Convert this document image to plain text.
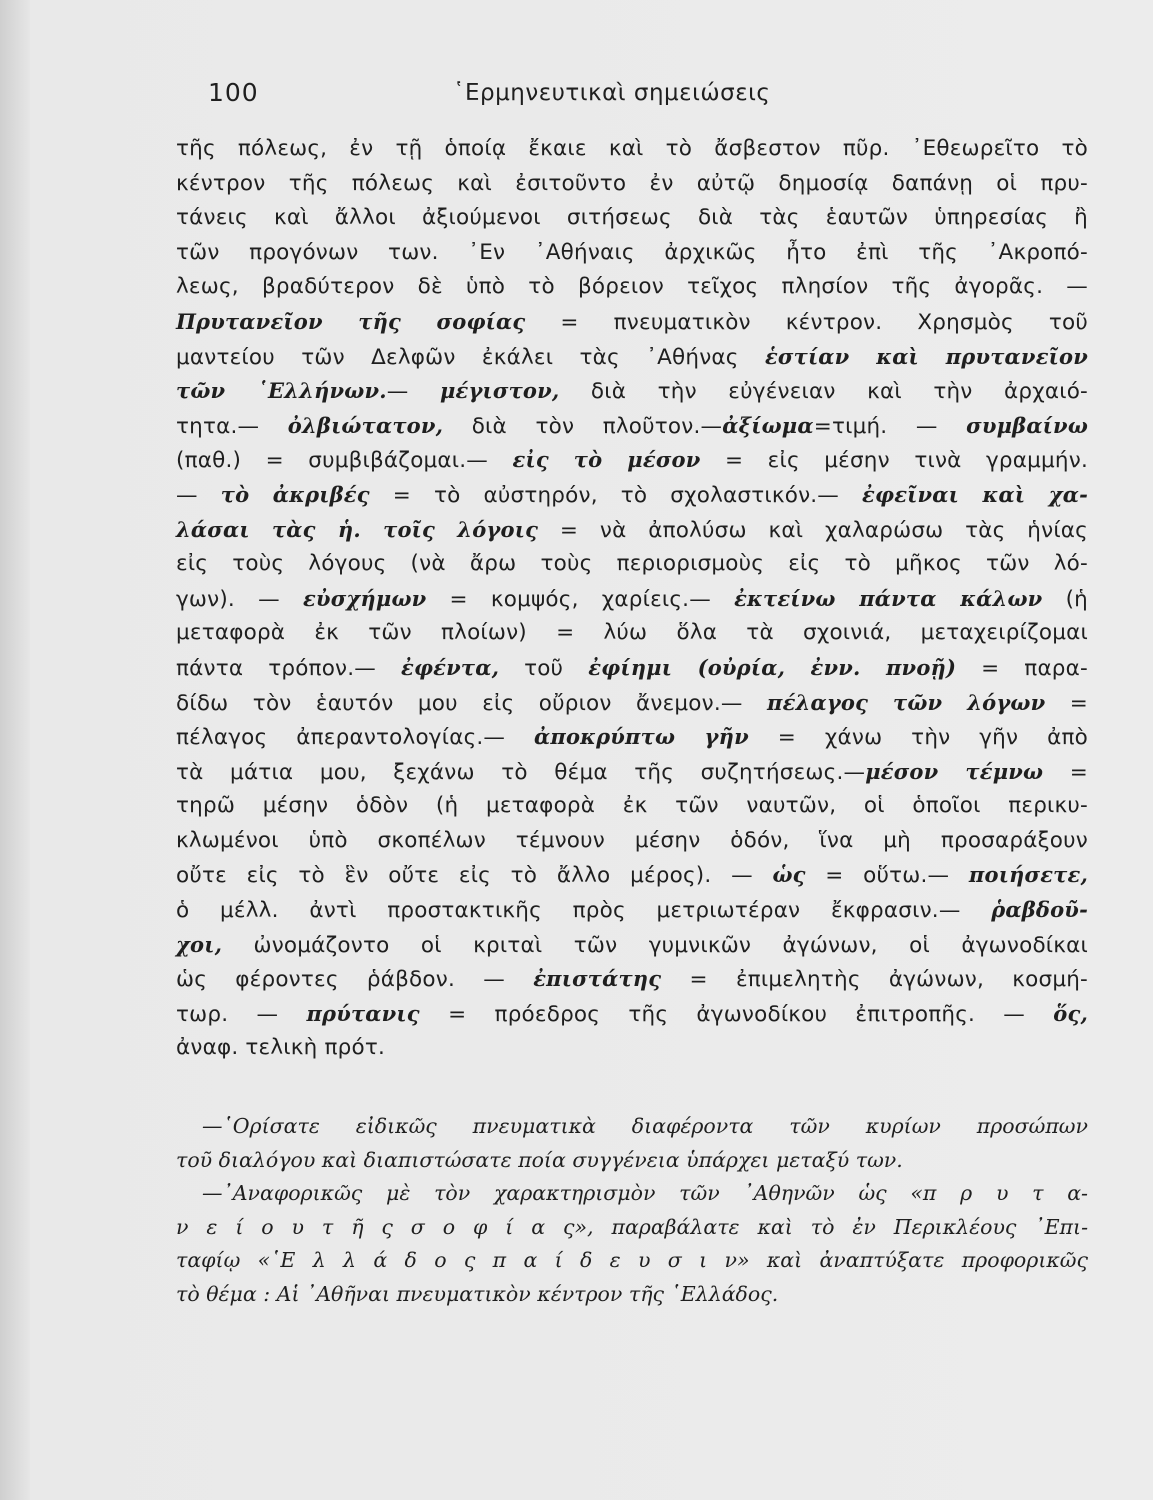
100	῾Ερμηνευτικαὶ σημειώσεις
τῆς πόλεως, ἐν τῇ ὁποίᾳ ἔκαιε καὶ τὸ ἄσβεστον πῦρ. ᾿Εθεωρεῖτο τὸ
κέντρον τῆς πόλεως καὶ ἐσιτοῦντο ἐν αὐτῷ δημοσίᾳ δαπάνῃ οἱ πρυ-
τάνεις καὶ ἄλλοι ἀξιούμενοι σιτήσεως διὰ τὰς ἑαυτῶν ὑπηρεσίας ἢ
τῶν προγόνων των. ᾿Εν ᾿Αθήναις ἀρχικῶς ἦτο ἐπὶ τῆς ᾿Ακροπό-
λεως, βραδύτερον δὲ ὑπὸ τὸ βόρειον τεῖχος πλησίον τῆς ἀγορᾶς. —
Πρυτανεῖον τῆς σοφίας = πνευματικὸν κέντρον. Χρησμὸς τοῦ
μαντείου τῶν Δελφῶν ἐκάλει τὰς ᾿Αθήνας ἑστίαν καὶ πρυτανεῖον
τῶν ῾Ελλήνων.— μέγιστον, διὰ τὴν εὐγένειαν καὶ τὴν ἀρχαιό-
τητα.— ὀλβιώτατον, διὰ τὸν πλοῦτον.—ἀξίωμα=τιμή. — συμβαίνω
(παθ.) = συμβιβάζομαι.— εἰς τὸ μέσον = εἰς μέσην τινὰ γραμμήν.
— τὸ ἀκριβές = τὸ αὐστηρόν, τὸ σχολαστικόν.— ἐφεῖναι καὶ χα-
λάσαι τὰς ἡ. τοῖς λόγοις = νὰ ἀπολύσω καὶ χαλαρώσω τὰς ἡνίας
εἰς τοὺς λόγους (νὰ ἄρω τοὺς περιορισμοὺς εἰς τὸ μῆκος τῶν λό-
γων). — εὐσχήμων = κομψός, χαρίεις.— ἐκτείνω πάντα κάλων (ἡ
μεταφορὰ ἐκ τῶν πλοίων) = λύω ὅλα τὰ σχοινιά, μεταχειρίζομαι
πάντα τρόπον.— ἐφέντα, τοῦ ἐφίημι (οὐρία, ἐνν. πνοῇ) = παρα-
δίδω τὸν ἑαυτόν μου εἰς οὔριον ἄνεμον.— πέλαγος τῶν λόγων =
πέλαγος ἀπεραντολογίας.— ἀποκρύπτω γῆν = χάνω τὴν γῆν ἀπὸ
τὰ μάτια μου, ξεχάνω τὸ θέμα τῆς συζητήσεως.—μέσον τέμνω =
τηρῶ μέσην ὁδὸν (ἡ μεταφορὰ ἐκ τῶν ναυτῶν, οἱ ὁποῖοι περικυ-
κλωμένοι ὑπὸ σκοπέλων τέμνουν μέσην ὁδόν, ἵνα μὴ προσαράξουν
οὔτε εἰς τὸ ἓν οὔτε εἰς τὸ ἄλλο μέρος). — ὡς = οὕτω.— ποιήσετε,
ὁ μέλλ. ἀντὶ προστακτικῆς πρὸς μετριωτέραν ἔκφρασιν.— ῥαβδοῦ-
χοι, ὠνομάζοντο οἱ κριταὶ τῶν γυμνικῶν ἀγώνων, οἱ ἀγωνοδίκαι
ὡς φέροντες ῥάβδον. — ἐπιστάτης = ἐπιμελητὴς ἀγώνων, κοσμή-
τωρ. — πρύτανις = πρόεδρος τῆς ἀγωνοδίκου ἐπιτροπῆς. — ὅς,
ἀναφ. τελικὴ πρότ.
—῾Ορίσατε εἰδικῶς πνευματικὰ διαφέροντα τῶν κυρίων προσώπων
τοῦ διαλόγου καὶ διαπιστώσατε ποία συγγένεια ὑπάρχει μεταξύ των.
—᾿Αναφορικῶς μὲ τὸν χαρακτηρισμὸν τῶν ᾿Αθηνῶν ὡς «π ρ υ τ α-
ν ε ί ο υ τ ῆ ς σ ο φ ί α ς», παραβάλατε καὶ τὸ ἐν Περικλέους ᾿Επι-
ταφίῳ «῾Ε λ λ ά δ ο ς π α ί δ ε υ σ ι ν» καὶ ἀναπτύξατε προφορικῶς
τὸ θέμα : Αἱ ᾿Αθῆναι πνευματικὸν κέντρον τῆς ῾Ελλάδος.
